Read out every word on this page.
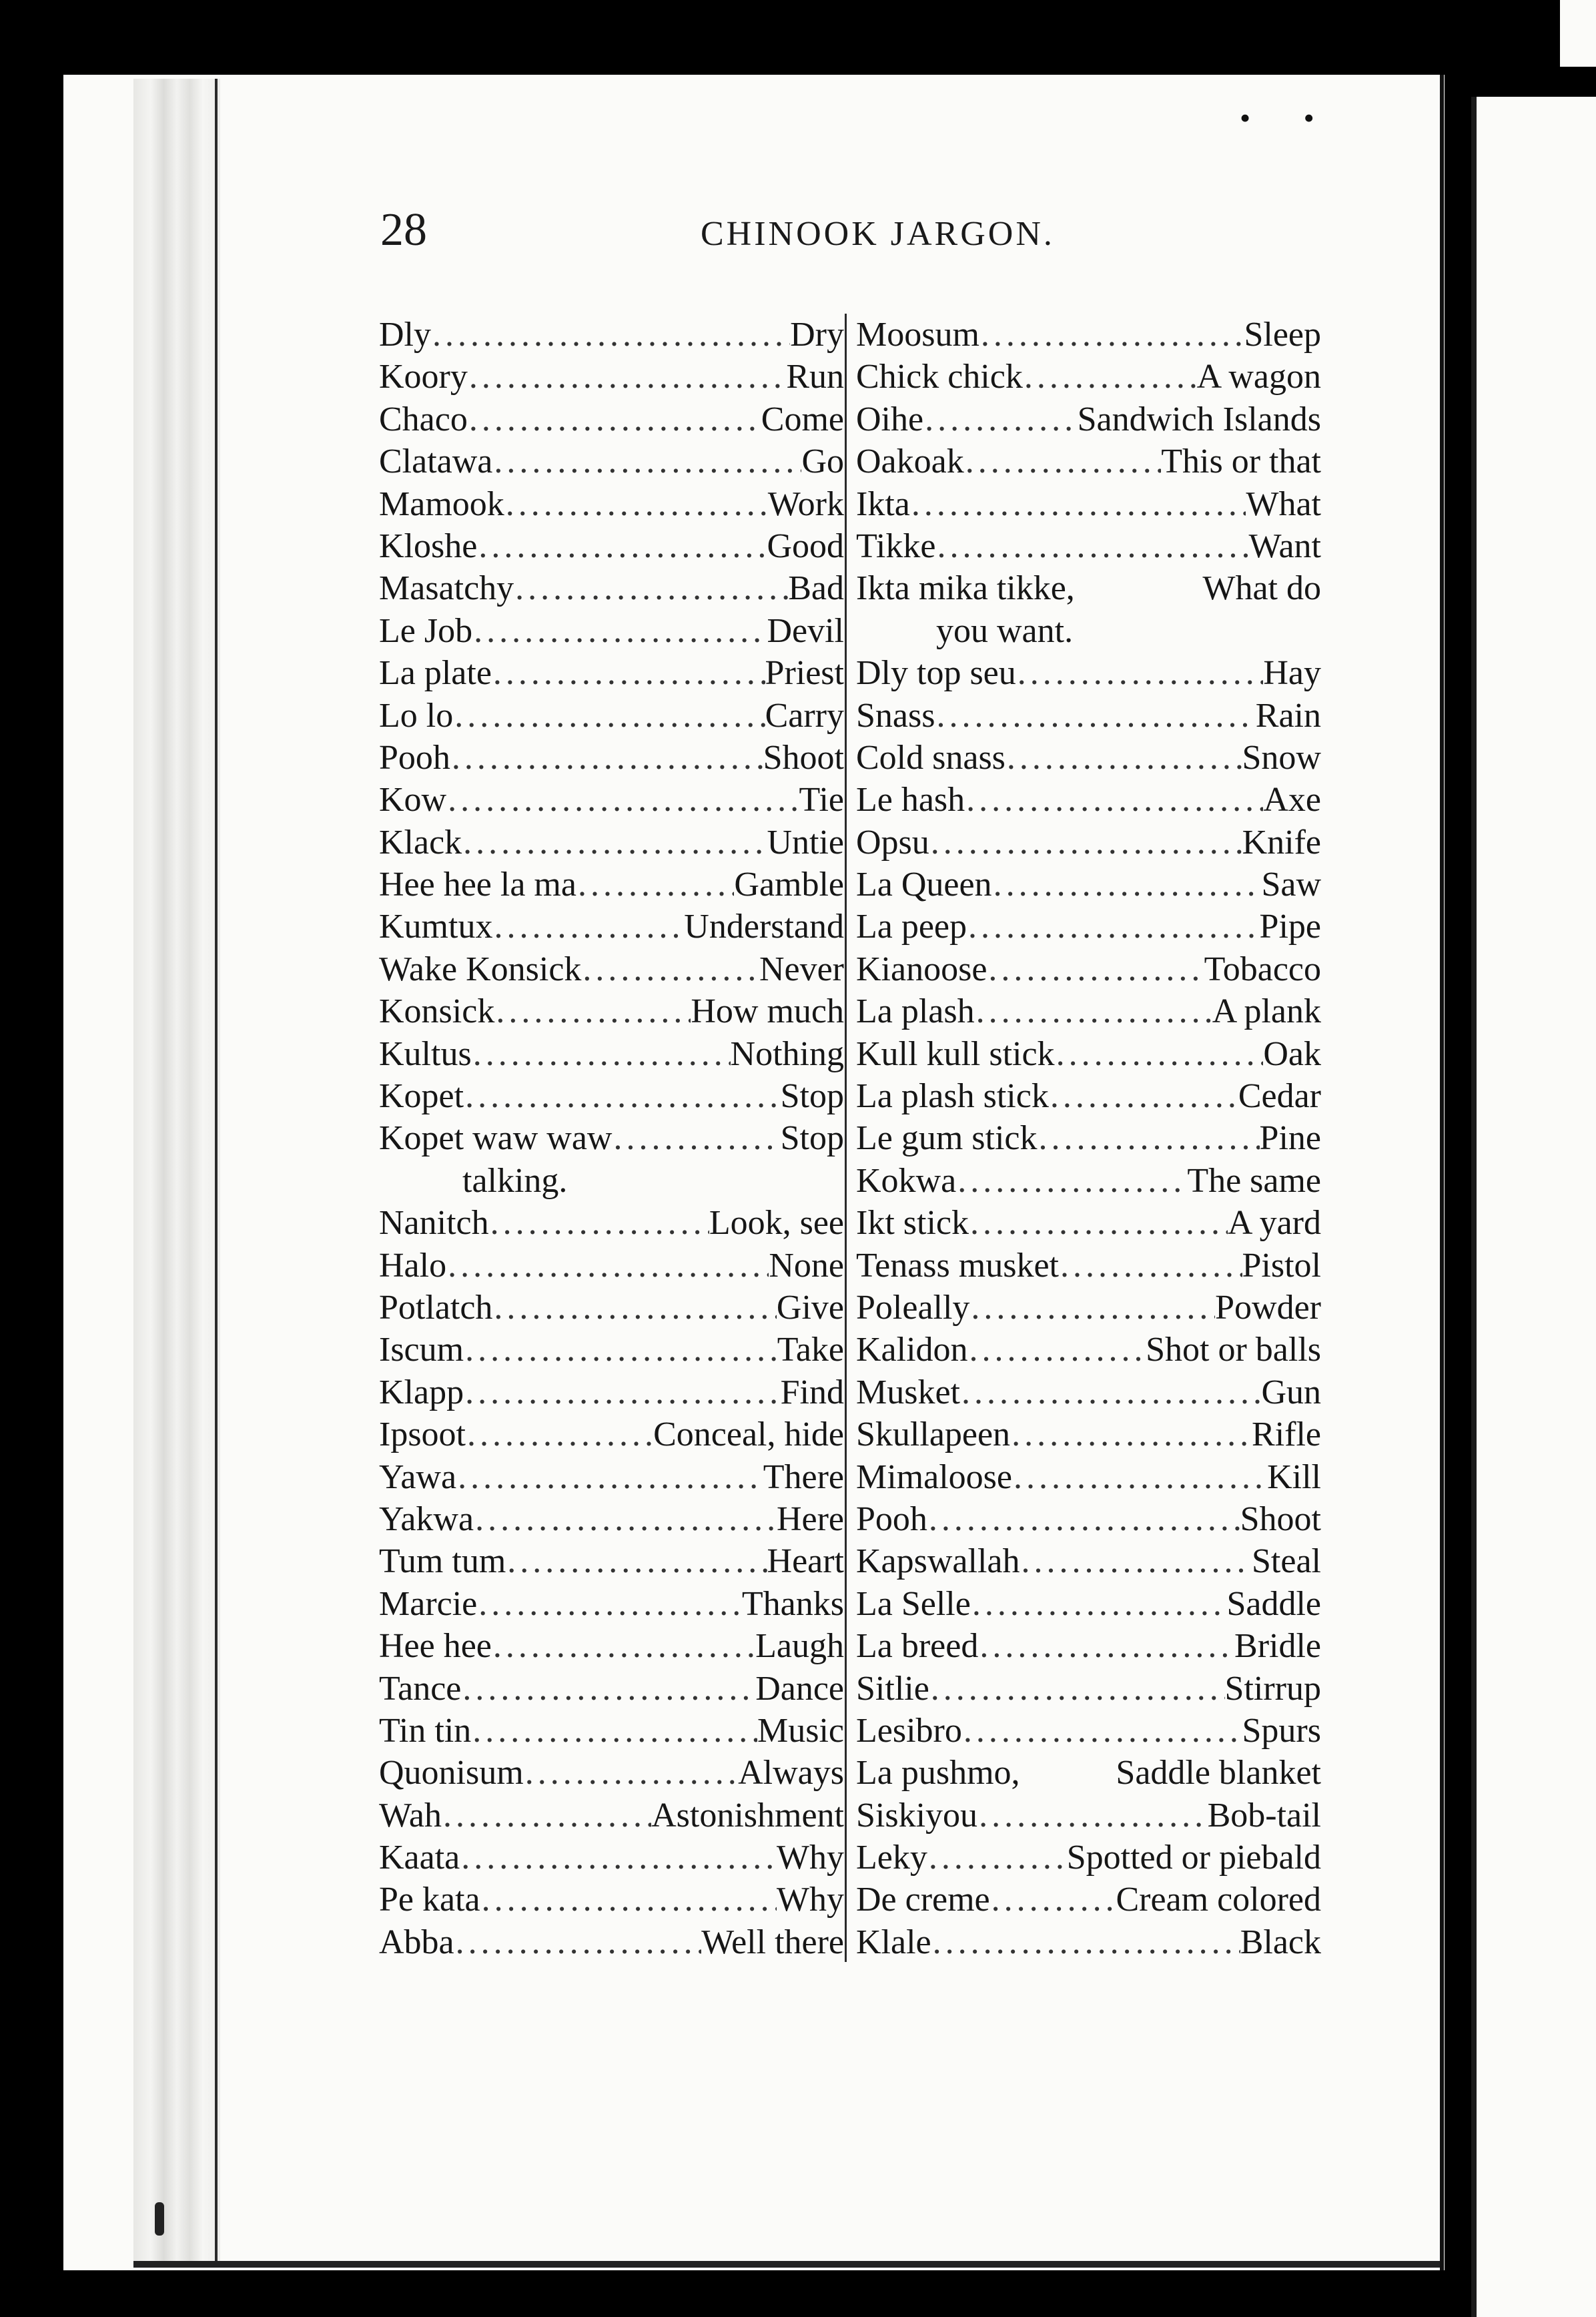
• •
28	CHINOOK JARGON.
Dly .....	Dry
Koory .....	Run
Chaco .....	Come
Clatawa .....	Go
Mamook .....	Work
Kloshe .....	Good
Masatchy .....	Bad
Le Job .....	Devil
La plate .....	Priest
Lo lo .....	Carry
Pooh .....	Shoot
Kow .....	Tie
Klack .....	Untie
Hee hee la ma .....	Gamble
Kumtux .....	Understand
Wake Konsick .....	Never
Konsick .....	How much
Kultus .....	Nothing
Kopet .....	Stop
Kopet waw waw .....	Stop
talking.
Nanitch .....	Look, see
Halo .....	None
Potlatch .....	Give
Iscum .....	Take
Klapp .....	Find
Ipsoot .....	Conceal, hide
Yawa .....	There
Yakwa .....	Here
Tum tum .....	Heart
Marcie .....	Thanks
Hee hee .....	Laugh
Tance .....	Dance
Tin tin .....	Music
Quonisum .....	Always
Wah .....	Astonishment
Kaata .....	Why
Pe kata .....	Why
Abba .....	Well there
Moosum .....	Sleep
Chick chick .....	A wagon
Oihe .....	Sandwich Islands
Oakoak .....	This or that
Ikta .....	What
Tikke .....	Want
Ikta mika tikke,	What do
you want.
Dly top seu .....	Hay
Snass .....	Rain
Cold snass .....	Snow
Le hash .....	Axe
Opsu .....	Knife
La Queen .....	Saw
La peep .....	Pipe
Kianoose .....	Tobacco
La plash .....	A plank
Kull kull stick .....	Oak
La plash stick .....	Cedar
Le gum stick .....	Pine
Kokwa .....	The same
Ikt stick .....	A yard
Tenass musket .....	Pistol
Poleally .....	Powder
Kalidon .....	Shot or balls
Musket .....	Gun
Skullapeen .....	Rifle
Mimaloose .....	Kill
Pooh .....	Shoot
Kapswallah .....	Steal
La Selle .....	Saddle
La breed .....	Bridle
Sitlie .....	Stirrup
Lesibro .....	Spurs
La pushmo,	Saddle blanket
Siskiyou .....	Bob-tail
Leky .....	Spotted or piebald
De creme .....	Cream colored
Klale .....	Black
